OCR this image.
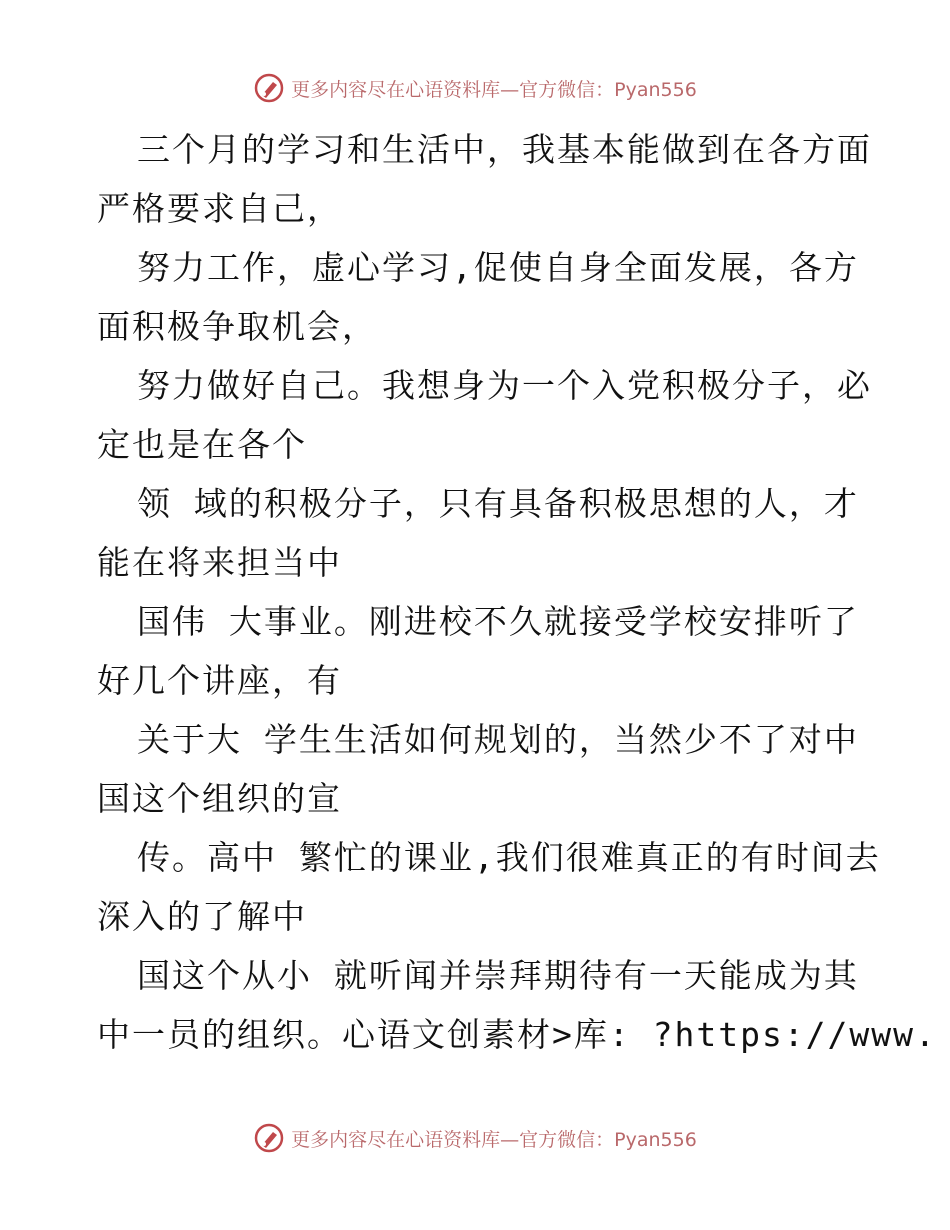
更多内容尽在心语资料库— 官方微信：Pyan556
三个月的学习和生活中，我基本能做到在各方面
严格要求自己，
努力工作，虚心学习,促使自身全面发展，各方
面积极争取机会，
努力做好自己。我想身为一个入党积极分子，必
定也是在各个
领 域的积极分子，只有具备积极思想的人，才
能在将来担当中
国伟 大事业。刚进校不久就接受学校安排听了
好几个讲座，有
关于大 学生生活如何规划的，当然少不了对中
国这个组织的宣
传。高中 繁忙的课业,我们很难真正的有时间去
深入的了解中
国这个从小 就听闻并崇拜期待有一天能成为其
中一员的组织。心语文创素材>库: ?https://www.
更多内容尽在心语资料库— 官方微信：Pyan556
